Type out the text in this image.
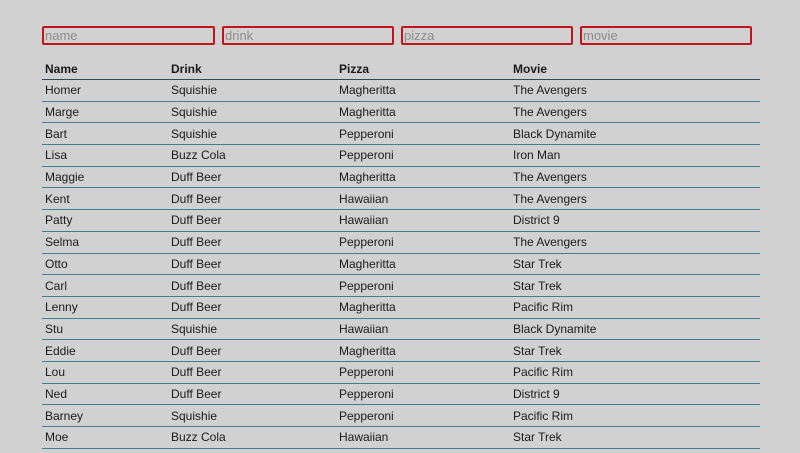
name
drink
pizza
movie
Name	Drink	Pizza	Movie
Homer	Squishie	Magheritta	The Avengers
Marge	Squishie	Magheritta	The Avengers
Bart	Squishie	Pepperoni	Black Dynamite
Lisa	Buzz Cola	Pepperoni	Iron Man
Maggie	Duff Beer	Magheritta	The Avengers
Kent	Duff Beer	Hawaiian	The Avengers
Patty	Duff Beer	Hawaiian	District 9
Selma	Duff Beer	Pepperoni	The Avengers
Otto	Duff Beer	Magheritta	Star Trek
Carl	Duff Beer	Pepperoni	Star Trek
Lenny	Duff Beer	Magheritta	Pacific Rim
Stu	Squishie	Hawaiian	Black Dynamite
Eddie	Duff Beer	Magheritta	Star Trek
Lou	Duff Beer	Pepperoni	Pacific Rim
Ned	Duff Beer	Pepperoni	District 9
Barney	Squishie	Pepperoni	Pacific Rim
Moe	Buzz Cola	Hawaiian	Star Trek
